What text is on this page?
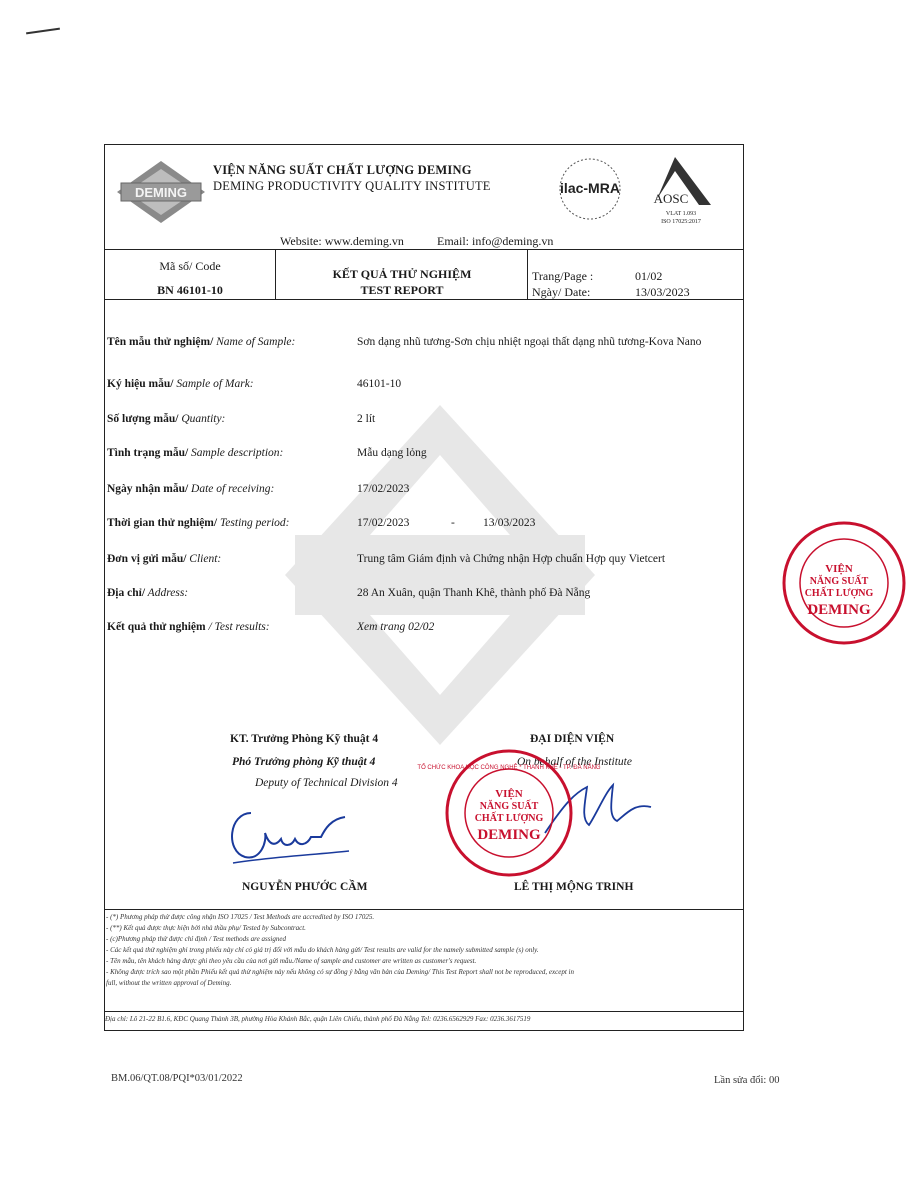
DEMING
VIỆN NĂNG SUẤT CHẤT LƯỢNG DEMING
DEMING PRODUCTIVITY QUALITY INSTITUTE	ilac-MRA
AOSC
VLAT 1.093
ISO 17025:2017
Website: www.deming.vn	Email: info@deming.vn
Mã số/ Code
BN 46101-10
KẾT QUẢ THỬ NGHIỆM
TEST REPORT
Trang/Page :	01/02
Ngày/ Date:	13/03/2023
Tên mẫu thử nghiệm/ Name of Sample:	Sơn dạng nhũ tương-Sơn chịu nhiệt ngoại thất dạng nhũ tương-Kova Nano
Ký hiệu mẫu/ Sample of Mark:	46101-10
Số lượng mẫu/ Quantity:	2 lít
Tình trạng mẫu/ Sample description:	Mẫu dạng lỏng
Ngày nhận mẫu/ Date of receiving:	17/02/2023
Thời gian thử nghiệm/ Testing period:	17/02/2023	- 13/03/2023
Đơn vị gửi mẫu/ Client:	Trung tâm Giám định và Chứng nhận Hợp chuẩn Hợp quy Vietcert
Địa chỉ/ Address:	28 An Xuân, quận Thanh Khê, thành phố Đà Nẵng
Kết quả thử nghiệm / Test results:	Xem trang 02/02
KT. Trưởng Phòng Kỹ thuật 4
Phó Trưởng phòng Kỹ thuật 4
Deputy of Technical Division 4
ĐẠI DIỆN VIỆN
On behalf of the Institute
VIỆN
NĂNG SUẤT
CHẤT LƯỢNG
DEMING
TỔ CHỨC KHOA HỌC CÔNG NGHỆ * THANH KHÊ - TP. ĐÀ NẴNG
NGUYỄN PHƯỚC CẦM	LÊ THỊ MỘNG TRINH
- (*) Phương pháp thử được công nhận ISO 17025 / Test Methods are accredited by ISO 17025.
- (**) Kết quả được thực hiện bởi nhà thầu phụ/ Tested by Subcontract.
- (c)Phương pháp thử được chỉ định / Test methods are assigned
- Các kết quả thử nghiệm ghi trong phiếu này chỉ có giá trị đối với mẫu do khách hàng gửi/ Test results are valid for the namely submitted sample (s) only.
- Tên mẫu, tên khách hàng được ghi theo yêu cầu của nơi gửi mẫu./Name of sample and customer are written as customer's request.
- Không được trích sao một phần Phiếu kết quả thử nghiệm này nếu không có sự đồng ý bằng văn bản của Deming/ This Test Report shall not be reproduced, except in
full, without the written approval of Deming.
Địa chỉ: Lô 21-22 B1.6, KĐC Quang Thành 3B, phường Hòa Khánh Bắc, quận Liên Chiểu, thành phố Đà Nẵng Tel: 0236.6562929 Fax: 0236.3617519
VIỆN
NĂNG SUẤT
CHẤT LƯỢNG
DEMING
BM.06/QT.08/PQI*03/01/2022	Lần sửa đổi: 00
